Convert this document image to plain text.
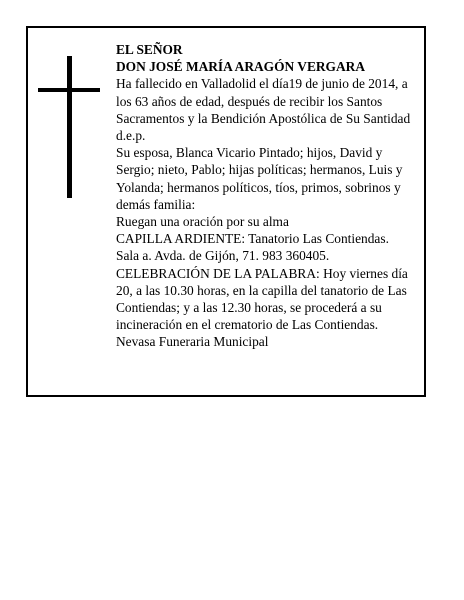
EL SEÑOR
DON JOSÉ MARÍA ARAGÓN VERGARA
Ha fallecido en Valladolid el día19 de junio de 2014, a
los 63 años de edad, después de recibir los Santos
Sacramentos y la Bendición Apostólica de Su Santidad
d.e.p.
Su esposa, Blanca Vicario Pintado; hijos, David y
Sergio; nieto, Pablo; hijas políticas; hermanos, Luis y
Yolanda; hermanos políticos, tíos, primos, sobrinos y
demás familia:
Ruegan una oración por su alma
CAPILLA ARDIENTE: Tanatorio Las Contiendas.
Sala a. Avda. de Gijón, 71. 983 360405.
CELEBRACIÓN DE LA PALABRA: Hoy viernes día
20, a las 10.30 horas, en la capilla del tanatorio de Las
Contiendas; y a las 12.30 horas, se procederá a su
incineración en el crematorio de Las Contiendas.
Nevasa Funeraria Municipal
